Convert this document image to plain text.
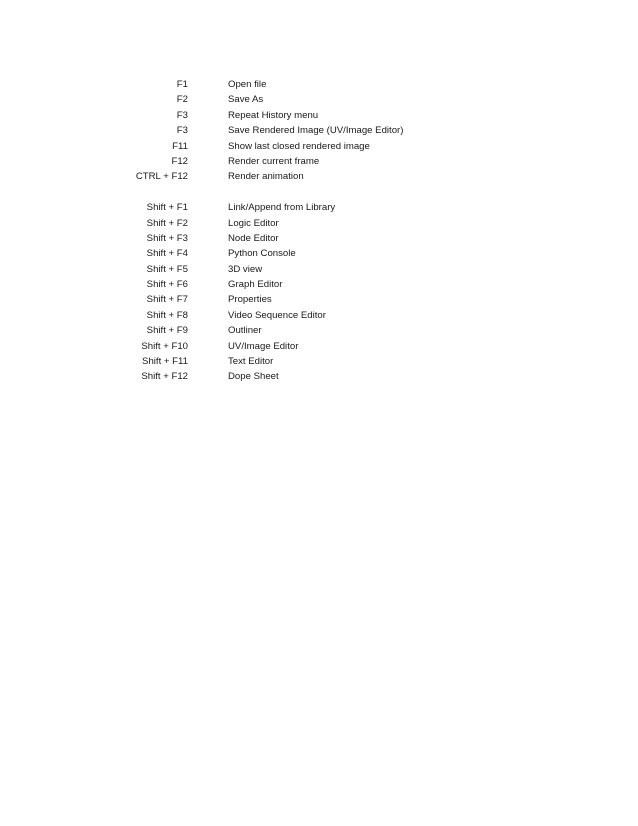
F1	Open file
F2	Save As
F3	Repeat History menu
F3	Save Rendered Image (UV/Image Editor)
F11	Show last closed rendered image
F12	Render current frame
CTRL + F12	Render animation
Shift + F1	Link/Append from Library
Shift + F2	Logic Editor
Shift + F3	Node Editor
Shift + F4	Python Console
Shift + F5	3D view
Shift + F6	Graph Editor
Shift + F7	Properties
Shift + F8	Video Sequence Editor
Shift + F9	Outliner
Shift + F10	UV/Image Editor
Shift + F11	Text Editor
Shift + F12	Dope Sheet
